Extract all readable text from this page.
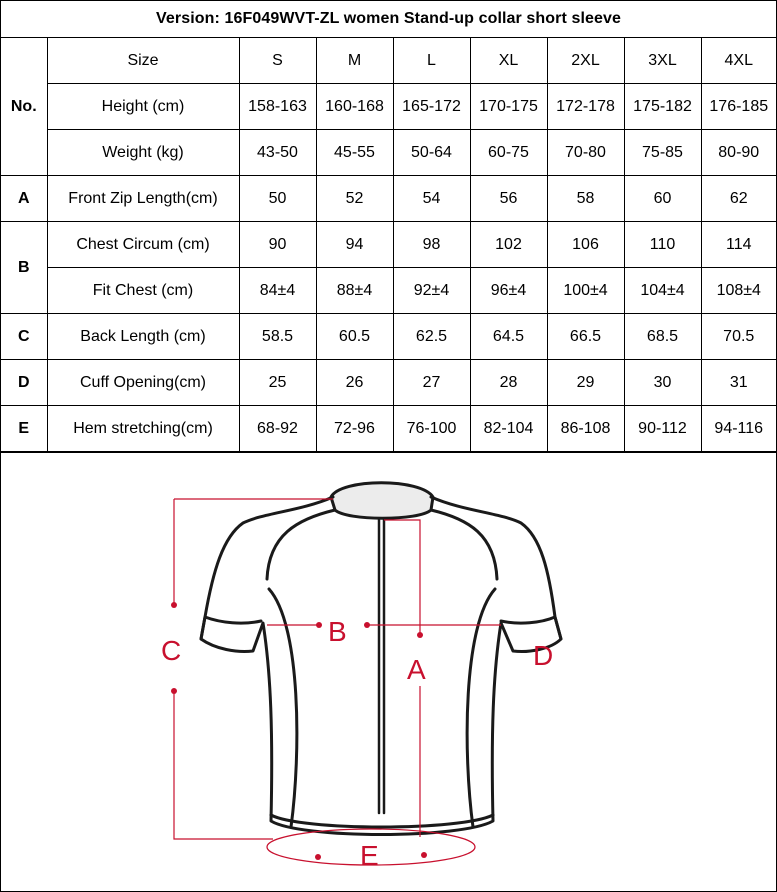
Version: 16F049WVT-ZL women Stand-up collar short sleeve
No.	Size	S	M	L	XL	2XL	3XL	4XL
	Height (cm)	158-163	160-168	165-172	170-175	172-178	175-182	176-185
	Weight (kg)	43-50	45-55	50-64	60-75	70-80	75-85	80-90
A	Front Zip Length(cm)	50	52	54	56	58	60	62
B	Chest Circum (cm)	90	94	98	102	106	110	114
	Fit Chest (cm)	84±4	88±4	92±4	96±4	100±4	104±4	108±4
C	Back Length (cm)	58.5	60.5	62.5	64.5	66.5	68.5	70.5
D	Cuff Opening(cm)	25	26	27	28	29	30	31
E	Hem stretching(cm)	68-92	72-96	76-100	82-104	86-108	90-112	94-116
C
B
A	D
E
